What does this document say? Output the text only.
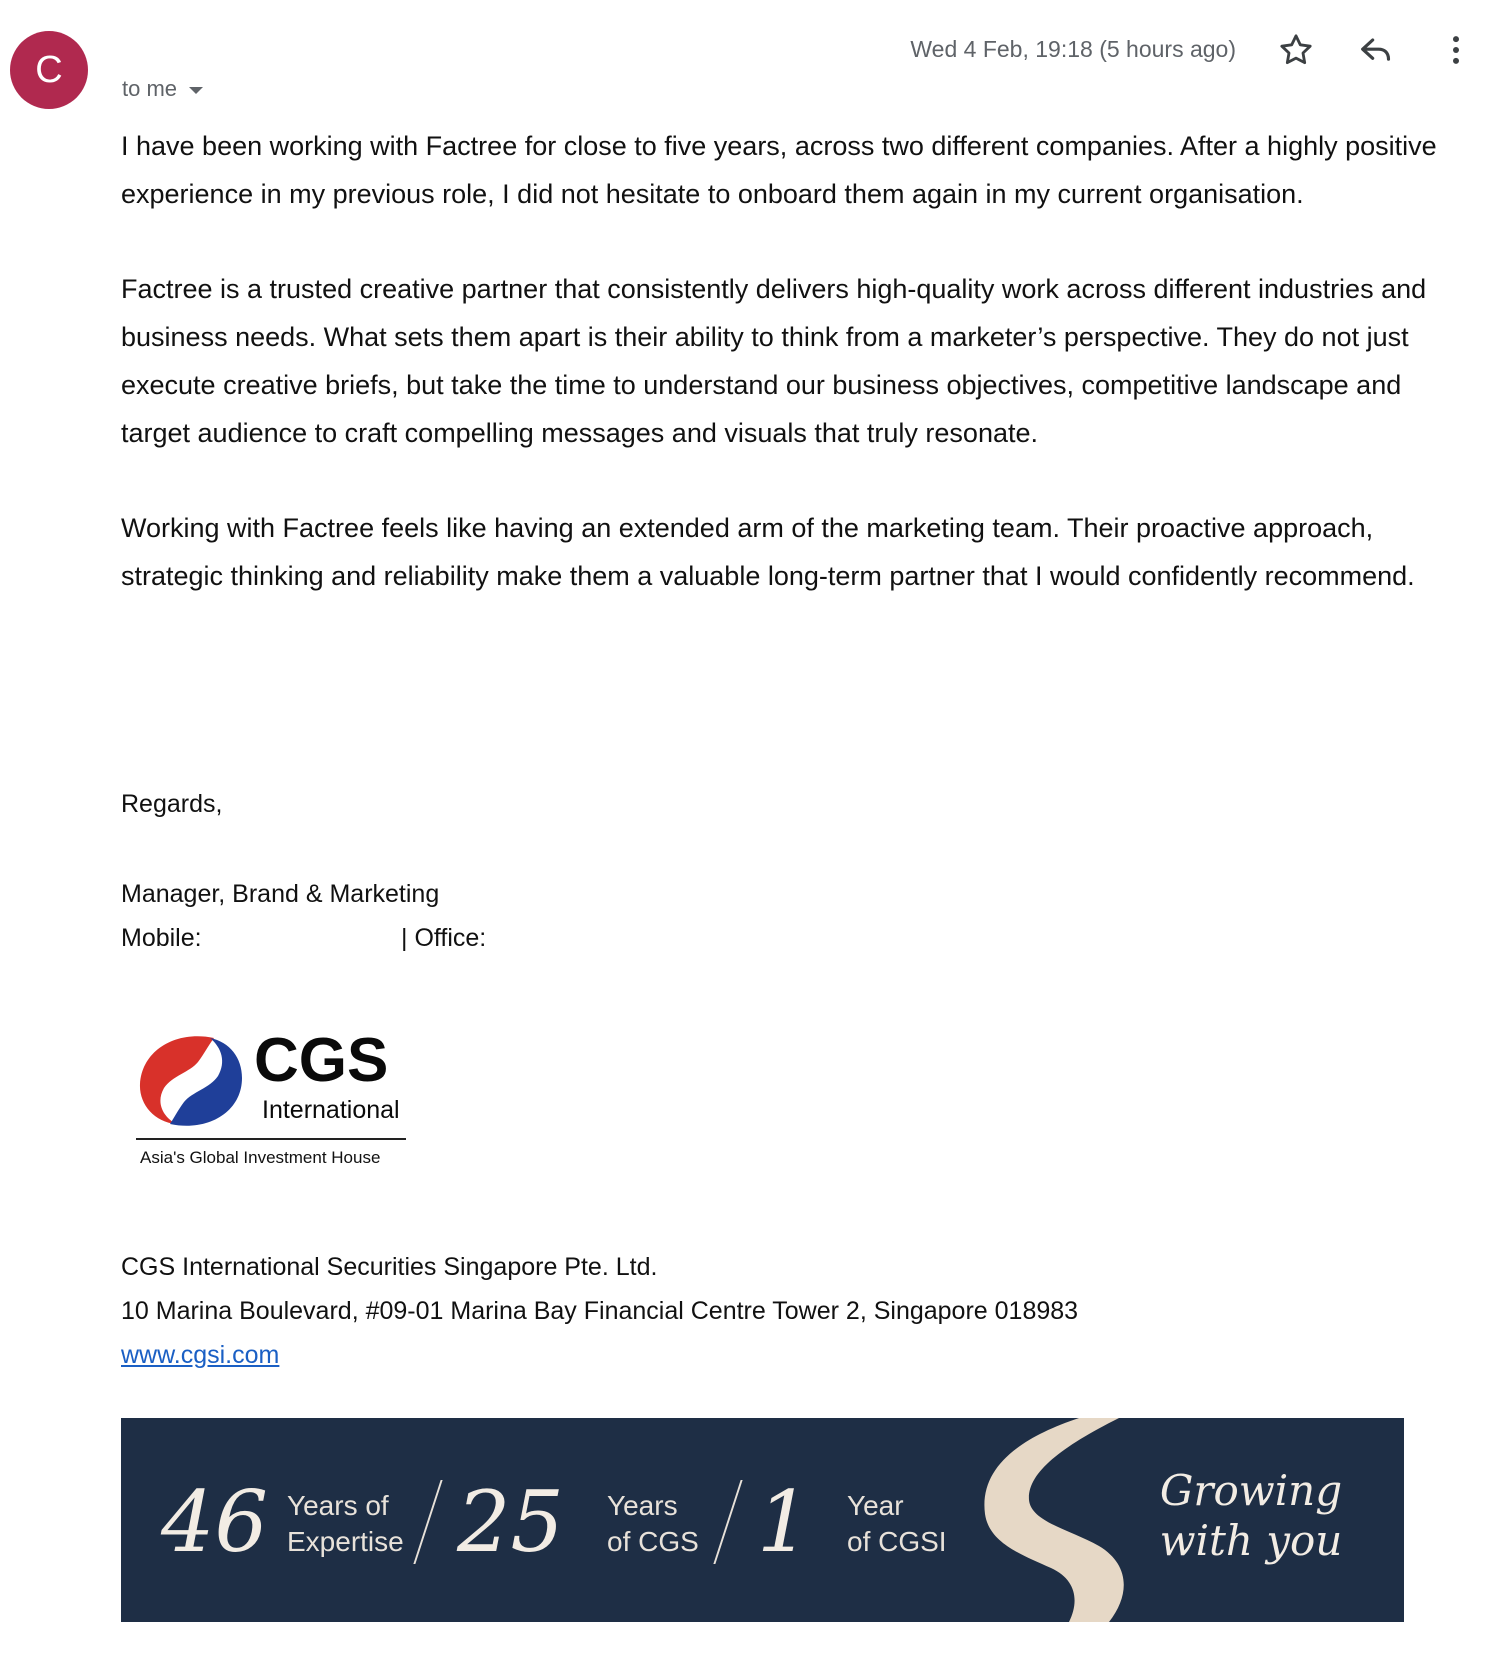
C	to me
Wed 4 Feb, 19:18 (5 hours ago)

I have been working with Factree for close to five years, across two different companies. After a highly positive experience in my previous role, I did not hesitate to onboard them again in my current organisation.

Factree is a trusted creative partner that consistently delivers high-quality work across different industries and business needs. What sets them apart is their ability to think from a marketer’s perspective. They do not just execute creative briefs, but take the time to understand our business objectives, competitive landscape and target audience to craft compelling messages and visuals that truly resonate.

Working with Factree feels like having an extended arm of the marketing team. Their proactive approach, strategic thinking and reliability make them a valuable long-term partner that I would confidently recommend.

Regards,
Manager, Brand & Marketing
Mobile:	| Office:
CGS
International
Asia's Global Investment House
CGS International Securities Singapore Pte. Ltd.
10 Marina Boulevard, #09-01 Marina Bay Financial Centre Tower 2, Singapore 018983
www.cgsi.com
46 Years of
Expertise 25 Years
of CGS 1 Year
of CGSI
Growing
with you
